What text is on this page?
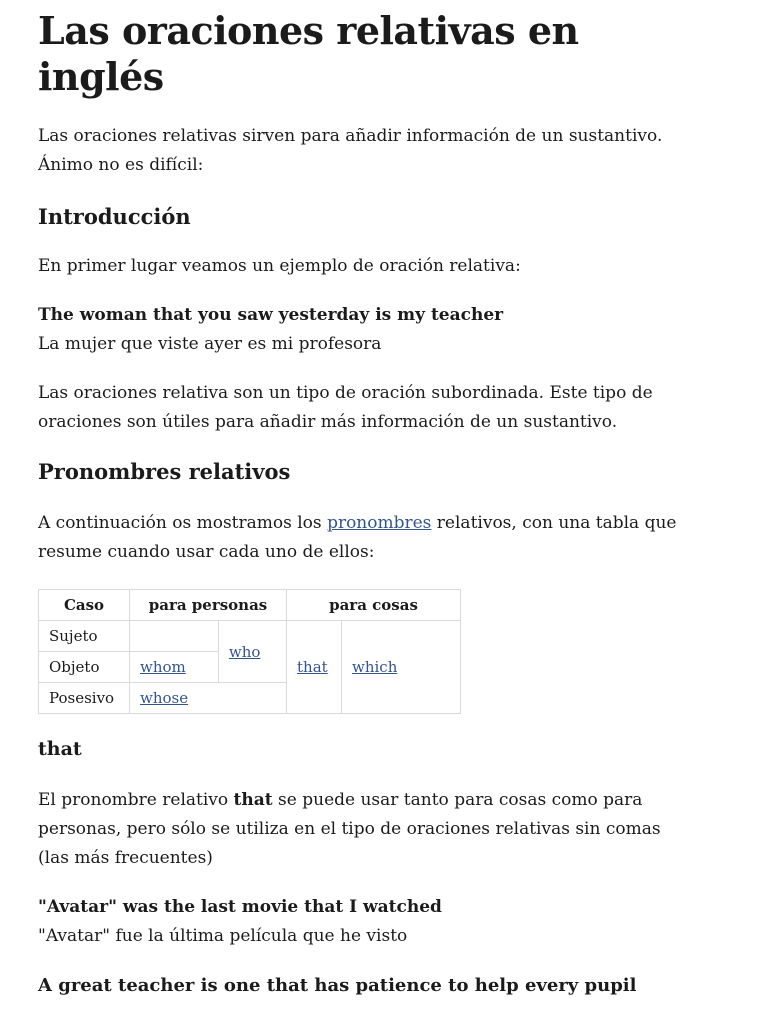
Las oraciones relativas en
inglés

Las oraciones relativas sirven para añadir información de un sustantivo.
Ánimo no es difícil:

Introducción

En primer lugar veamos un ejemplo de oración relativa:

The woman that you saw yesterday is my teacher
La mujer que viste ayer es mi profesora

Las oraciones relativa son un tipo de oración subordinada. Este tipo de
oraciones son útiles para añadir más información de un sustantivo.

Pronombres relativos

A continuación os mostramos los pronombres relativos, con una tabla que
resume cuando usar cada uno de ellos:

Caso	para personas		para cosas	
Sujeto		who	that	which
Objeto	whom			
Posesivo	whose			
that

El pronombre relativo that se puede usar tanto para cosas como para
personas, pero sólo se utiliza en el tipo de oraciones relativas sin comas
(las más frecuentes)

"Avatar" was the last movie that I watched
"Avatar" fue la última película que he visto
A great teacher is one that has patience to help every pupil
